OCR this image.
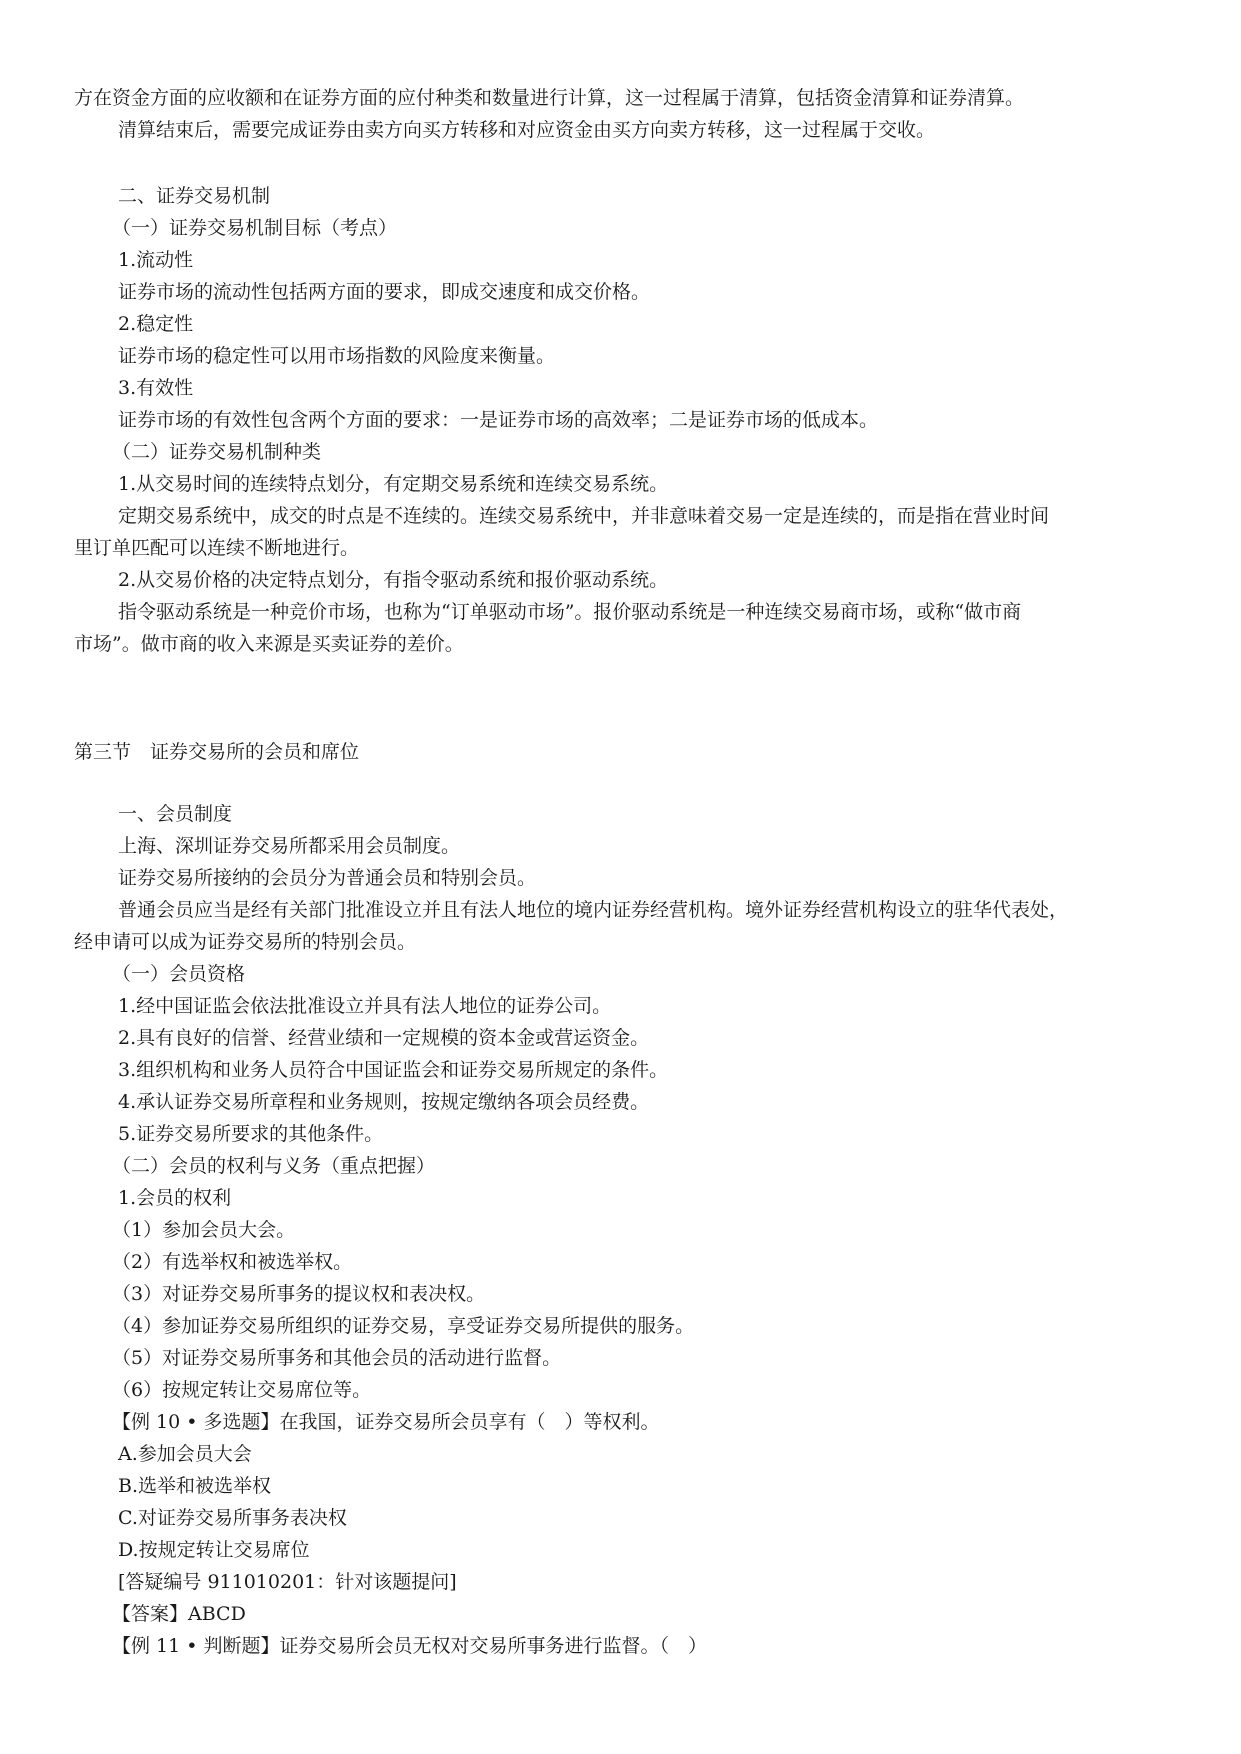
方在资金方面的应收额和在证券方面的应付种类和数量进行计算，这一过程属于清算，包括资金清算和证券清算。

清算结束后，需要完成证券由卖方向买方转移和对应资金由买方向卖方转移，这一过程属于交收。

二、证券交易机制

（一）证券交易机制目标（考点）

1.流动性

证券市场的流动性包括两方面的要求，即成交速度和成交价格。

2.稳定性

证券市场的稳定性可以用市场指数的风险度来衡量。

3.有效性

证券市场的有效性包含两个方面的要求：一是证券市场的高效率；二是证券市场的低成本。

（二）证券交易机制种类

1.从交易时间的连续特点划分，有定期交易系统和连续交易系统。

定期交易系统中，成交的时点是不连续的。连续交易系统中，并非意味着交易一定是连续的，而是指在营业时间

里订单匹配可以连续不断地进行。

2.从交易价格的决定特点划分，有指令驱动系统和报价驱动系统。

指令驱动系统是一种竞价市场，也称为“订单驱动市场”。报价驱动系统是一种连续交易商市场，或称“做市商

市场”。做市商的收入来源是买卖证券的差价。

第三节　证券交易所的会员和席位

一、会员制度

上海、深圳证券交易所都采用会员制度。

证券交易所接纳的会员分为普通会员和特别会员。

普通会员应当是经有关部门批准设立并且有法人地位的境内证券经营机构。境外证券经营机构设立的驻华代表处，

经申请可以成为证券交易所的特别会员。

（一）会员资格

1.经中国证监会依法批准设立并具有法人地位的证券公司。

2.具有良好的信誉、经营业绩和一定规模的资本金或营运资金。

3.组织机构和业务人员符合中国证监会和证券交易所规定的条件。

4.承认证券交易所章程和业务规则，按规定缴纳各项会员经费。

5.证券交易所要求的其他条件。

（二）会员的权利与义务（重点把握）

1.会员的权利

（1）参加会员大会。

（2）有选举权和被选举权。

（3）对证券交易所事务的提议权和表决权。

（4）参加证券交易所组织的证券交易，享受证券交易所提供的服务。

（5）对证券交易所事务和其他会员的活动进行监督。

（6）按规定转让交易席位等。

【例 10 • 多选题】在我国，证券交易所会员享有（　）等权利。

A.参加会员大会

B.选举和被选举权

C.对证券交易所事务表决权

D.按规定转让交易席位

[答疑编号 911010201：针对该题提问]

【答案】ABCD

【例 11 • 判断题】证券交易所会员无权对交易所事务进行监督。（　）
